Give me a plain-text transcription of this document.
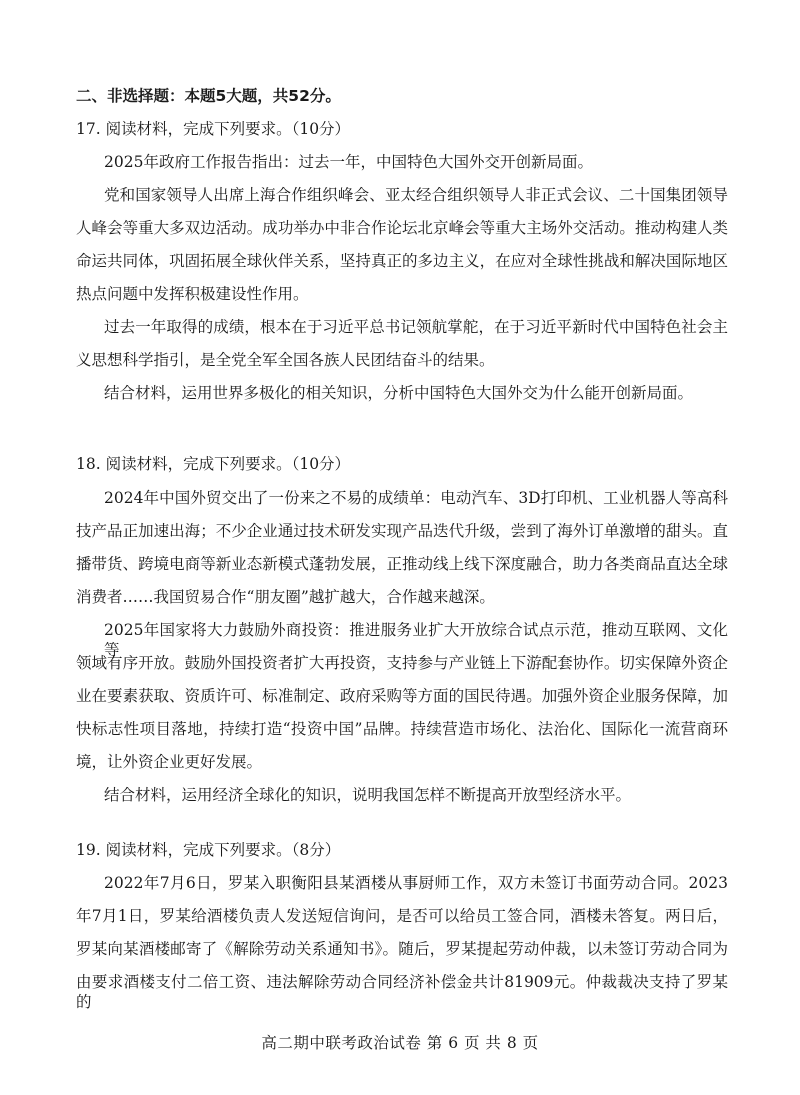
二、非选择题：本题5大题，共52分。
17. 阅读材料，完成下列要求。（10分）
2025年政府工作报告指出：过去一年，中国特色大国外交开创新局面。
党和国家领导人出席上海合作组织峰会、亚太经合组织领导人非正式会议、二十国集团领导
人峰会等重大多双边活动。成功举办中非合作论坛北京峰会等重大主场外交活动。推动构建人类
命运共同体，巩固拓展全球伙伴关系，坚持真正的多边主义，在应对全球性挑战和解决国际地区
热点问题中发挥积极建设性作用。
过去一年取得的成绩，根本在于习近平总书记领航掌舵，在于习近平新时代中国特色社会主
义思想科学指引，是全党全军全国各族人民团结奋斗的结果。
结合材料，运用世界多极化的相关知识，分析中国特色大国外交为什么能开创新局面。
18. 阅读材料，完成下列要求。（10分）
2024年中国外贸交出了一份来之不易的成绩单：电动汽车、3D打印机、工业机器人等高科
技产品正加速出海；不少企业通过技术研发实现产品迭代升级，尝到了海外订单激增的甜头。直
播带货、跨境电商等新业态新模式蓬勃发展，正推动线上线下深度融合，助力各类商品直达全球
消费者……我国贸易合作“朋友圈”越扩越大，合作越来越深。
2025年国家将大力鼓励外商投资：推进服务业扩大开放综合试点示范，推动互联网、文化等
领域有序开放。鼓励外国投资者扩大再投资，支持参与产业链上下游配套协作。切实保障外资企
业在要素获取、资质许可、标准制定、政府采购等方面的国民待遇。加强外资企业服务保障，加
快标志性项目落地，持续打造“投资中国”品牌。持续营造市场化、法治化、国际化一流营商环
境，让外资企业更好发展。
结合材料，运用经济全球化的知识，说明我国怎样不断提高开放型经济水平。
19. 阅读材料，完成下列要求。（8分）
2022年7月6日，罗某入职衡阳县某酒楼从事厨师工作，双方未签订书面劳动合同。2023
年7月1日，罗某给酒楼负责人发送短信询问，是否可以给员工签合同，酒楼未答复。两日后，
罗某向某酒楼邮寄了《解除劳动关系通知书》。随后，罗某提起劳动仲裁，以未签订劳动合同为
由要求酒楼支付二倍工资、违法解除劳动合同经济补偿金共计81909元。仲裁裁决支持了罗某的
高二期中联考政治试卷 第 6 页 共 8 页
